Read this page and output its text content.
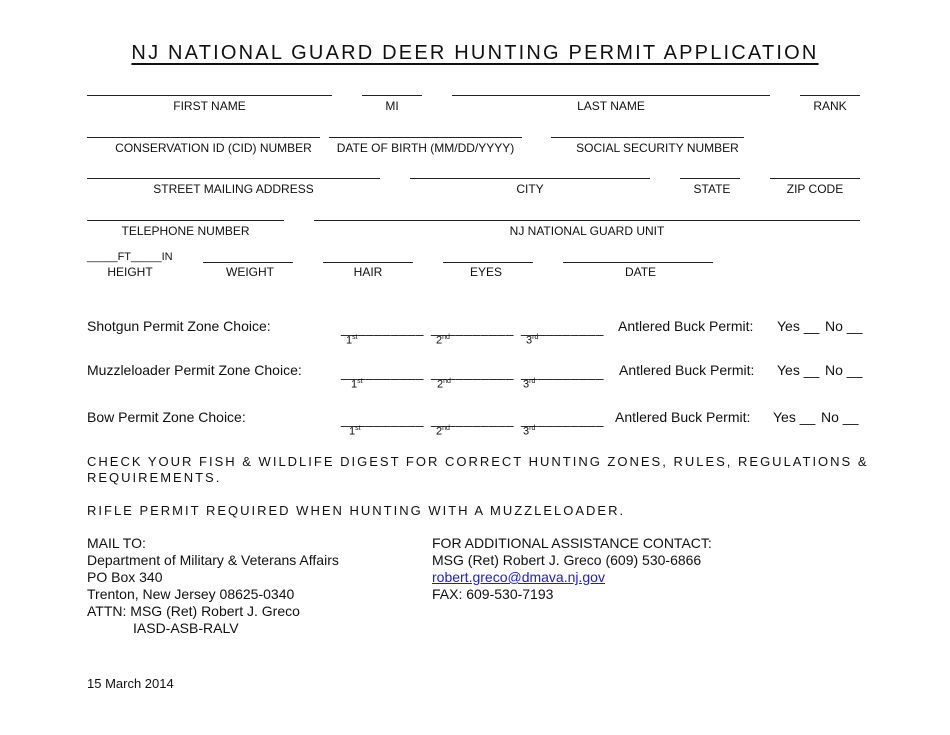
NJ NATIONAL GUARD DEER HUNTING PERMIT APPLICATION
FIRST NAME	MI	LAST NAME	RANK
CONSERVATION ID (CID) NUMBER	DATE OF BIRTH (MM/DD/YYYY)	SOCIAL SECURITY NUMBER
STREET MAILING ADDRESS	CITY	STATE	ZIP CODE
TELEPHONE NUMBER	NJ NATIONAL GUARD UNIT
_____FT_____IN
HEIGHT	WEIGHT	HAIR	EYES	DATE
Shotgun Permit Zone Choice:	__________ __________ __________
1st	2nd	3rd
Antlered Buck Permit: Yes __ No __
Muzzleloader Permit Zone Choice:	__________ __________ __________
1st	2nd	3rd
Antlered Buck Permit: Yes __ No __
Bow Permit Zone Choice:	__________ __________ __________
1st	2nd	3rd
Antlered Buck Permit: Yes __ No __
CHECK YOUR FISH & WILDLIFE DIGEST FOR CORRECT HUNTING ZONES, RULES, REGULATIONS &
REQUIREMENTS.
RIFLE PERMIT REQUIRED WHEN HUNTING WITH A MUZZLELOADER.
MAIL TO:
Department of Military & Veterans Affairs
PO Box 340
Trenton, New Jersey 08625-0340
ATTN: MSG (Ret) Robert J. Greco
IASD-ASB-RALV
FOR ADDITIONAL ASSISTANCE CONTACT:
MSG (Ret) Robert J. Greco (609) 530-6866
robert.greco@dmava.nj.gov
FAX: 609-530-7193
15 March 2014
